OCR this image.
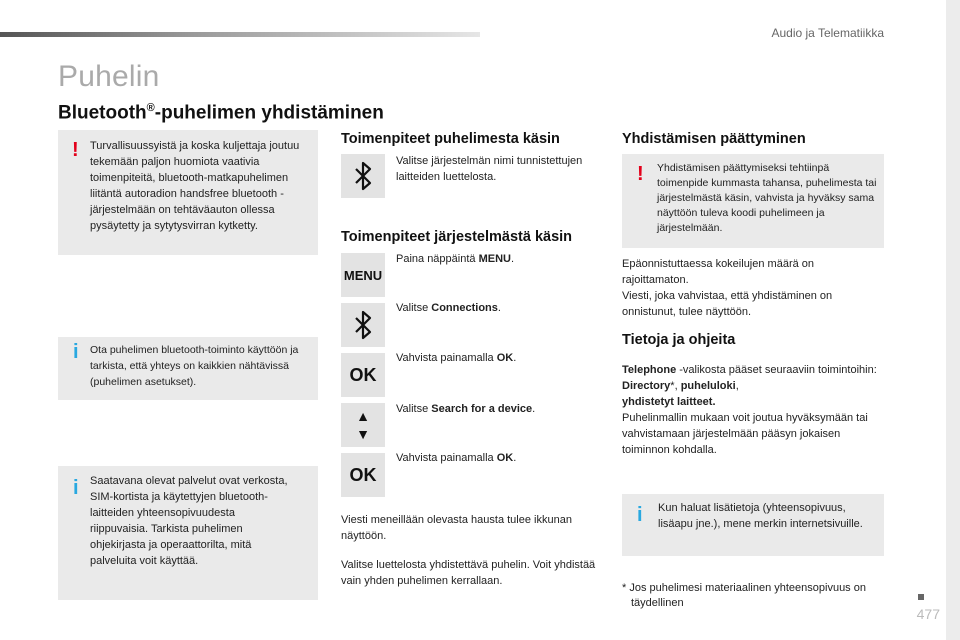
Audio ja Telematiikka
Puhelin
Bluetooth®-puhelimen yhdistäminen
! Turvallisuussyistä ja koska kuljettaja joutuu tekemään paljon huomiota vaativia toimenpiteitä, bluetooth-matkapuhelimen liitäntä autoradion handsfree bluetooth -järjestelmään on tehtäväauton ollessa pysäytetty ja sytytysvirran kytketty.
i Ota puhelimen bluetooth-toiminto käyttöön ja tarkista, että yhteys on kaikkien nähtävissä (puhelimen asetukset).
i Saatavana olevat palvelut ovat verkosta, SIM-kortista ja käytettyjen bluetooth-laitteiden yhteensopivuudesta riippuvaisia. Tarkista puhelimen ohjekirjasta ja operaattorilta, mitä palveluita voit käyttää.
Toimenpiteet puhelimesta käsin
Valitse järjestelmän nimi tunnistettujen laitteiden luettelosta.
Toimenpiteet järjestelmästä käsin
MENU
Paina näppäintä MENU.
Valitse Connections.
OK
Vahvista painamalla OK.
▲
▼
Valitse Search for a device.
OK
Vahvista painamalla OK.
Viesti meneillään olevasta hausta tulee ikkunan näyttöön.
Valitse luettelosta yhdistettävä puhelin. Voit yhdistää vain yhden puhelimen kerrallaan.
Yhdistämisen päättyminen
! Yhdistämisen päättymiseksi tehtiinpä toimenpide kummasta tahansa, puhelimesta tai järjestelmästä käsin, vahvista ja hyväksy sama näyttöön tuleva koodi puhelimeen ja järjestelmään.
Epäonnistuttaessa kokeilujen määrä on rajoittamaton.
Viesti, joka vahvistaa, että yhdistäminen on onnistunut, tulee näyttöön.
Tietoja ja ohjeita
Telephone -valikosta pääset seuraaviin toimintoihin: Directory*, puheluloki,
yhdistetyt laitteet.
Puhelinmallin mukaan voit joutua hyväksymään tai vahvistamaan järjestelmään pääsyn jokaisen toiminnon kohdalla.
i Kun haluat lisätietoja (yhteensopivuus, lisäapu jne.), mene merkin internetsivuille.
* Jos puhelimesi materiaalinen yhteensopivuus on täydellinen
477
